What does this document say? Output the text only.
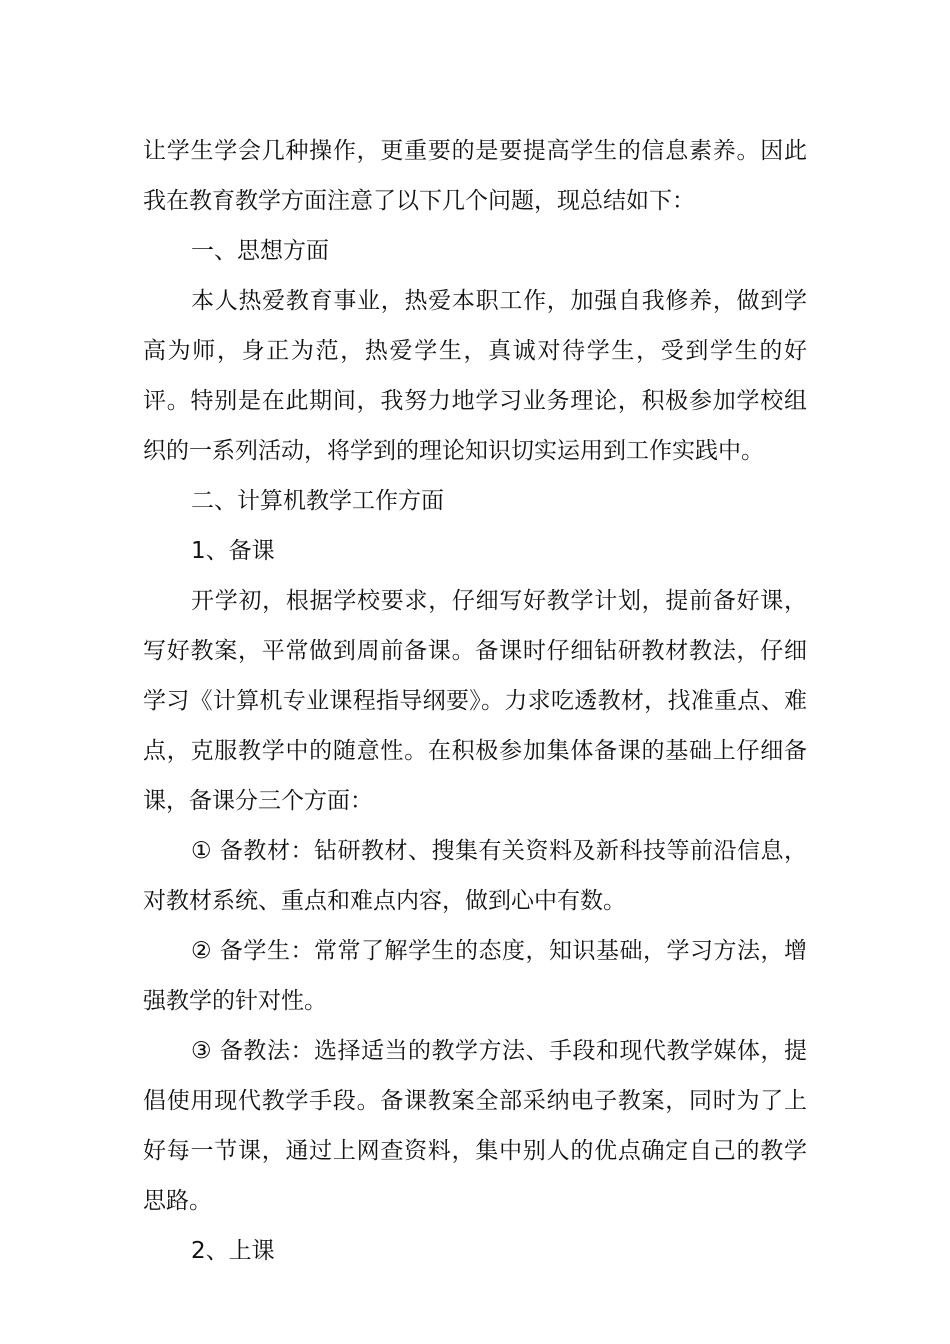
让学生学会几种操作，更重要的是要提高学生的信息素养。因此我在教育教学方面注意了以下几个问题，现总结如下：

一、思想方面

本人热爱教育事业，热爱本职工作，加强自我修养，做到学高为师，身正为范，热爱学生，真诚对待学生，受到学生的好评。特别是在此期间，我努力地学习业务理论，积极参加学校组织的一系列活动，将学到的理论知识切实运用到工作实践中。

二、计算机教学工作方面

1、备课

开学初，根据学校要求，仔细写好教学计划，提前备好课，写好教案，平常做到周前备课。备课时仔细钻研教材教法，仔细学习《计算机专业课程指导纲要》。力求吃透教材，找准重点、难点，克服教学中的随意性。在积极参加集体备课的基础上仔细备课，备课分三个方面：

① 备教材：钻研教材、搜集有关资料及新科技等前沿信息，对教材系统、重点和难点内容，做到心中有数。

② 备学生：常常了解学生的态度，知识基础，学习方法，增强教学的针对性。

③ 备教法：选择适当的教学方法、手段和现代教学媒体，提倡使用现代教学手段。备课教案全部采纳电子教案，同时为了上好每一节课，通过上网查资料，集中别人的优点确定自己的教学思路。

2、上课
